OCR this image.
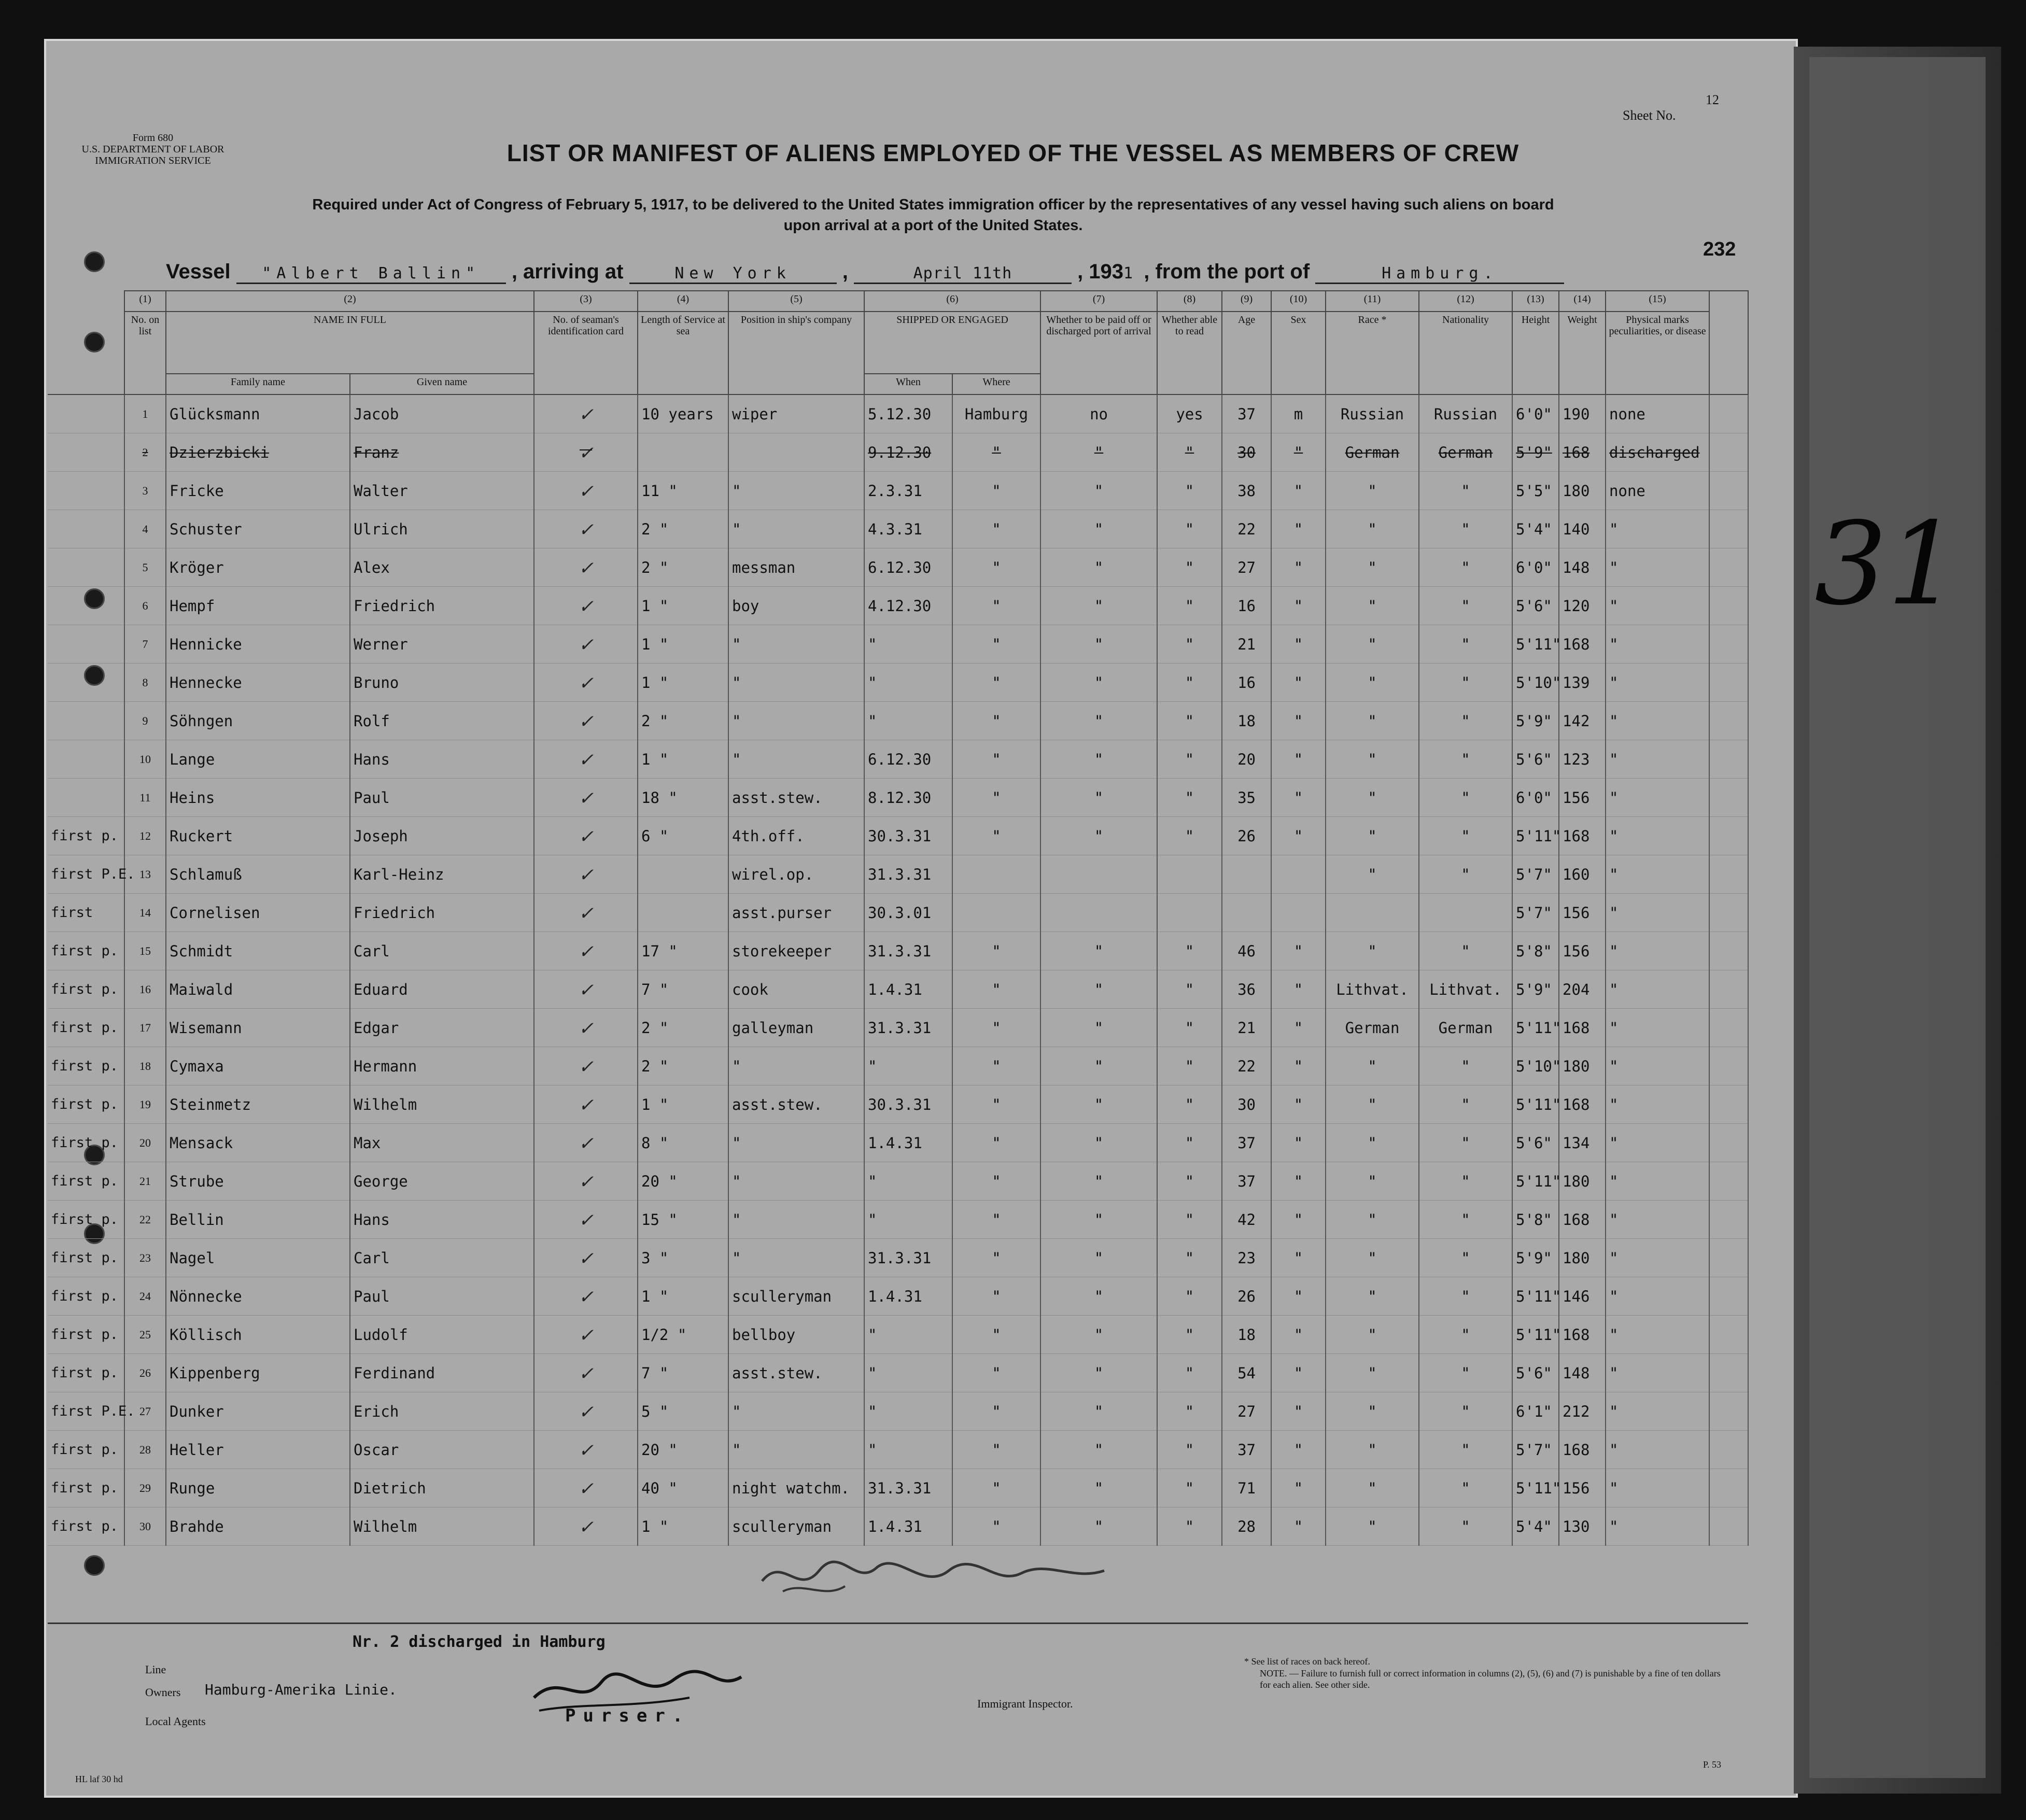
31
Form 680
U.S. DEPARTMENT OF LABOR
IMMIGRATION SERVICE
12
Sheet No.
LIST OR MANIFEST OF ALIENS EMPLOYED OF THE VESSEL AS MEMBERS OF CREW
Required under Act of Congress of February 5, 1917, to be delivered to the United States immigration officer by the representatives of any vessel having such aliens on board
upon arrival at a port of the United States.
232
Vessel "Albert Ballin" , arriving at	New York ,	April 11th	, 1931 , from the port of	Hamburg.
	(1)	(2)		(3)	(4)	(5)	(6)		(7)	(8)	(9)	(10)	(11)	(12)	(13)	(14)	(15)	
	No. on list	NAME IN FULL		No. of seaman's identification card	Length of Service at sea	Position in ship's company	SHIPPED OR ENGAGED		Whether to be paid off or discharged port of arrival	Whether able to read	Age	Sex	Race *	Nationality	Height	Weight	Physical marks peculiarities, or disease	
		Family name	Given name				When	Where										
	1	Glücksmann	Jacob	✓	10 years	wiper	5.12.30	Hamburg	no	yes	37	m	Russian	Russian	6'0"	190	none	
	2	Dzierzbicki	Franz	✓			9.12.30	"	"	"	30	"	German	German	5'9"	168	discharged	
	3	Fricke	Walter	✓	11 "	"	2.3.31	"	"	"	38	"	"	"	5'5"	180	none	
	4	Schuster	Ulrich	✓	2 "	"	4.3.31	"	"	"	22	"	"	"	5'4"	140	"	
	5	Kröger	Alex	✓	2 "	messman	6.12.30	"	"	"	27	"	"	"	6'0"	148	"	
	6	Hempf	Friedrich	✓	1 "	boy	4.12.30	"	"	"	16	"	"	"	5'6"	120	"	
	7	Hennicke	Werner	✓	1 "	"	"	"	"	"	21	"	"	"	5'11"	168	"	
	8	Hennecke	Bruno	✓	1 "	"	"	"	"	"	16	"	"	"	5'10"	139	"	
	9	Söhngen	Rolf	✓	2 "	"	"	"	"	"	18	"	"	"	5'9"	142	"	
	10	Lange	Hans	✓	1 "	"	6.12.30	"	"	"	20	"	"	"	5'6"	123	"	
	11	Heins	Paul	✓	18 "	asst.stew.	8.12.30	"	"	"	35	"	"	"	6'0"	156	"	
first p.	12	Ruckert	Joseph	✓	6 "	4th.off.	30.3.31	"	"	"	26	"	"	"	5'11"	168	"	
first P.E.	13	Schlamuß	Karl-Heinz	✓		wirel.op.	31.3.31						"	"	5'7"	160	"	
first	14	Cornelisen	Friedrich	✓		asst.purser	30.3.01								5'7"	156	"	
first p.	15	Schmidt	Carl	✓	17 "	storekeeper	31.3.31	"	"	"	46	"	"	"	5'8"	156	"	
first p.	16	Maiwald	Eduard	✓	7 "	cook	1.4.31	"	"	"	36	"	Lithvat.	Lithvat.	5'9"	204	"	
first p.	17	Wisemann	Edgar	✓	2 "	galleyman	31.3.31	"	"	"	21	"	German	German	5'11"	168	"	
first p.	18	Cymaxa	Hermann	✓	2 "	"	"	"	"	"	22	"	"	"	5'10"	180	"	
first p.	19	Steinmetz	Wilhelm	✓	1 "	asst.stew.	30.3.31	"	"	"	30	"	"	"	5'11"	168	"	
first p.	20	Mensack	Max	✓	8 "	"	1.4.31	"	"	"	37	"	"	"	5'6"	134	"	
first p.	21	Strube	George	✓	20 "	"	"	"	"	"	37	"	"	"	5'11"	180	"	
first p.	22	Bellin	Hans	✓	15 "	"	"	"	"	"	42	"	"	"	5'8"	168	"	
first p.	23	Nagel	Carl	✓	3 "	"	31.3.31	"	"	"	23	"	"	"	5'9"	180	"	
first p.	24	Nönnecke	Paul	✓	1 "	sculleryman	1.4.31	"	"	"	26	"	"	"	5'11"	146	"	
first p.	25	Köllisch	Ludolf	✓	1/2 "	bellboy	"	"	"	"	18	"	"	"	5'11"	168	"	
first p.	26	Kippenberg	Ferdinand	✓	7 "	asst.stew.	"	"	"	"	54	"	"	"	5'6"	148	"	
first P.E.	27	Dunker	Erich	✓	5 "	"	"	"	"	"	27	"	"	"	6'1"	212	"	
first p.	28	Heller	Oscar	✓	20 "	"	"	"	"	"	37	"	"	"	5'7"	168	"	
first p.	29	Runge	Dietrich	✓	40 "	night watchm.	31.3.31	"	"	"	71	"	"	"	5'11"	156	"	
first p.	30	Brahde	Wilhelm	✓	1 "	sculleryman	1.4.31	"	"	"	28	"	"	"	5'4"	130	"	
Nr. 2 discharged in Hamburg
Line
Owners Hamburg-Amerika Linie.
Local Agents	Purser.
Immigrant Inspector.
* See list of races on back hereof.
NOTE. — Failure to furnish full or correct information in columns (2), (5), (6) and (7) is punishable by a fine of ten dollars for each alien. See other side.
P. 53
HL laf 30 hd
